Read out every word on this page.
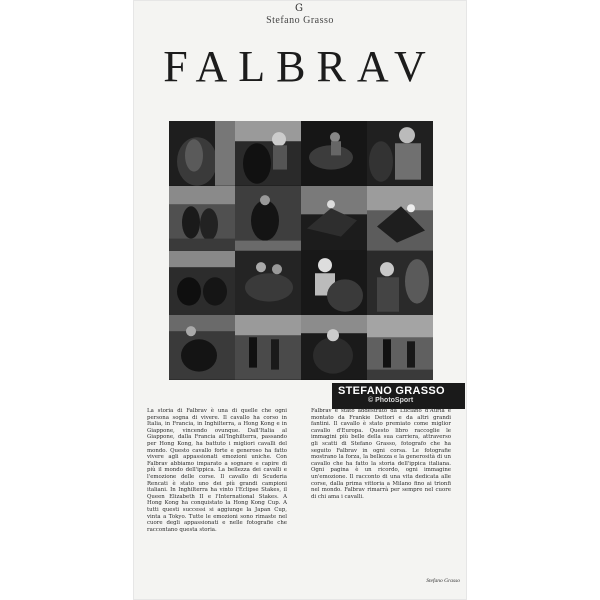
G
Stefano Grasso
FALBRAV
STEFANO GRASSO
© PhotoSport
La storia di Falbrav è una di quelle che ogni persona sogna di vivere. Il cavallo ha corso in Italia, in Francia, in Inghilterra, a Hong Kong e in Giappone, vincendo ovunque. Dall'Italia al Giappone, dalla Francia all'Inghilterra, passando per Hong Kong, ha battuto i migliori cavalli del mondo. Questo cavallo forte e generoso ha fatto vivere agli appassionati emozioni uniche. Con Falbrav abbiamo imparato a sognare e capire di più il mondo dell'ippica. La bellezza dei cavalli e l'emozione delle corse. Il cavallo di Scuderia Rencati è stato uno dei più grandi campioni italiani. In Inghilterra ha vinto l'Eclipse Stakes, il Queen Elizabeth II e l'International Stakes. A Hong Kong ha conquistato la Hong Kong Cup. A tutti questi successi si aggiunge la Japan Cup, vinta a Tokyo. Tutte le emozioni sono rimaste nel cuore degli appassionati e nelle fotografie che raccontano questa storia.
Falbrav è stato addestrato da Luciano d'Auria e montato da Frankie Dettori e da altri grandi fantini. Il cavallo è stato premiato come miglior cavallo d'Europa. Questo libro raccoglie le immagini più belle della sua carriera, attraverso gli scatti di Stefano Grasso, fotografo che ha seguito Falbrav in ogni corsa. Le fotografie mostrano la forza, la bellezza e la generosità di un cavallo che ha fatto la storia dell'ippica italiana. Ogni pagina è un ricordo, ogni immagine un'emozione. Il racconto di una vita dedicata alle corse, dalla prima vittoria a Milano fino ai trionfi nel mondo. Falbrav rimarrà per sempre nel cuore di chi ama i cavalli.
Stefano Grasso
